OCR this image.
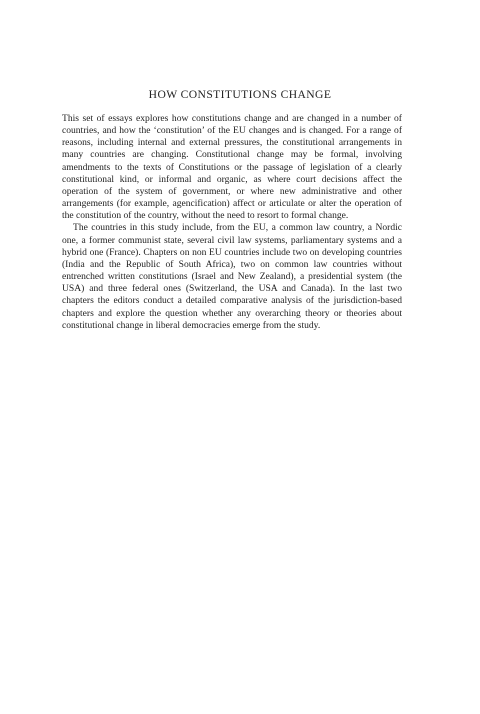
HOW CONSTITUTIONS CHANGE

This set of essays explores how constitutions change and are changed in a number of countries, and how the ‘constitution’ of the EU changes and is changed. For a range of reasons, including internal and external pressures, the constitutional arrangements in many countries are changing. Constitutional change may be formal, involving amendments to the texts of Constitutions or the passage of legislation of a clearly constitutional kind, or informal and organic, as where court decisions affect the operation of the system of government, or where new administrative and other arrangements (for example, agencification) affect or articulate or alter the operation of the constitution of the country, without the need to resort to formal change.

The countries in this study include, from the EU, a common law country, a Nordic one, a former communist state, several civil law systems, parliamentary systems and a hybrid one (France). Chapters on non EU countries include two on developing countries (India and the Republic of South Africa), two on common law countries without entrenched written constitutions (Israel and New Zealand), a presidential system (the USA) and three federal ones (Switzerland, the USA and Canada). In the last two chapters the editors conduct a detailed comparative analysis of the jurisdiction-based chapters and explore the question whether any overarching theory or theories about constitutional change in liberal democracies emerge from the study.
